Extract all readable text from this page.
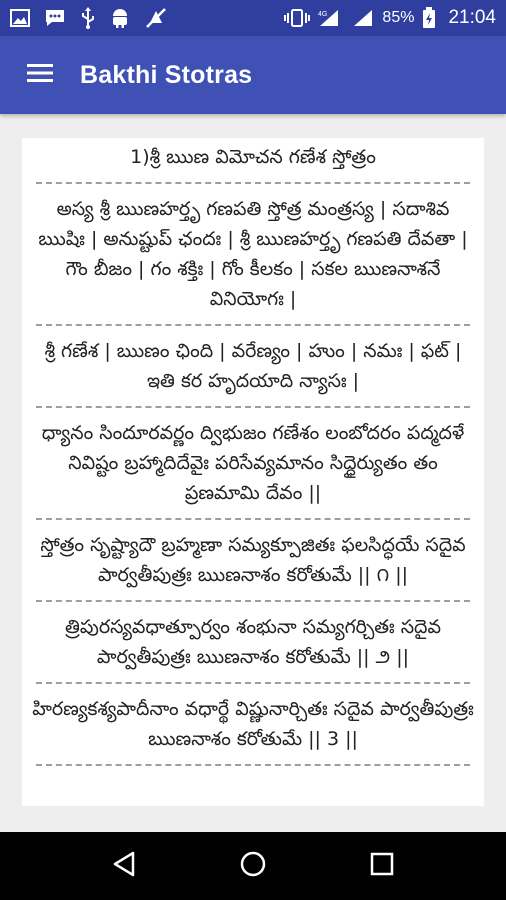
4G	85% 21:04
Bakthi Stotras
1)శ్రీ ఋణ విమోచన గణేశ స్తోత్రం
అస్య శ్రీ ఋణహర్తృ గణపతి స్తోత్ర మంత్రస్య | సదాశివ ఋషిః | అనుష్టుప్ ఛందః | శ్రీ ఋణహర్తృ గణపతి దేవతా | గౌం బీజం | గం శక్తిః | గోం కీలకం | సకల ఋణనాశనే వినియోగః |
శ్రీ గణేశ | ఋణం ఛింది | వరేణ్యం | హుం | నమః | ఫట్ | ఇతి కర హృదయాది న్యాసః |
ధ్యానం సిందూరవర్ణం ద్విభుజం గణేశం లంబోదరం పద్మదళే నివిష్టం బ్రహ్మాదిదేవైః పరిసేవ్యమానం సిద్ధైర్యుతం తం ప్రణమామి దేవం ||
స్తోత్రం సృష్ట్యాదౌ బ్రహ్మణా సమ్యక్పూజితః ఫలసిద్ధయే సదైవ పార్వతీపుత్రః ఋణనాశం కరోతుమే || ౧ ||
త్రిపురస్యవధాత్పూర్వం శంభునా సమ్యగర్చితః సదైవ పార్వతీపుత్రః ఋణనాశం కరోతుమే || ౨ ||
హిరణ్యకశ్యపాదీనాం వధార్థే విష్ణునార్చితః సదైవ పార్వతీపుత్రః ఋణనాశం కరోతుమే || 3 ||
